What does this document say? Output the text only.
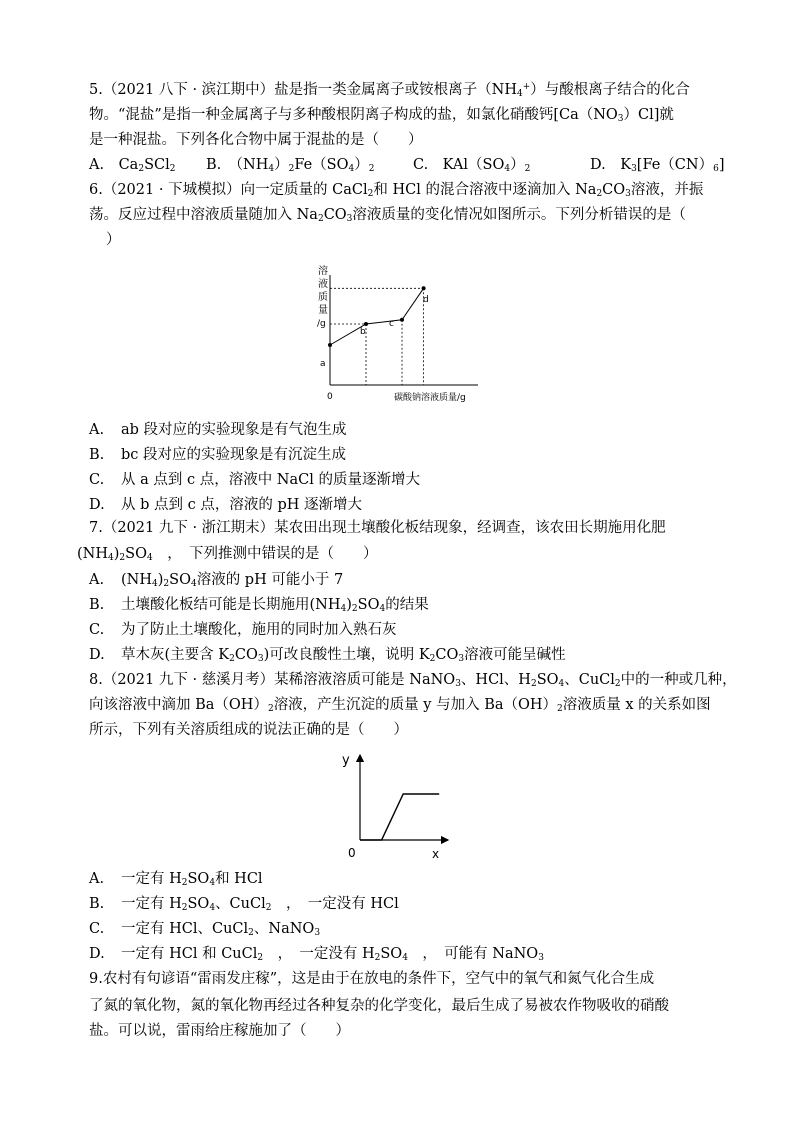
5.（2021 八下 · 滨江期中）盐是指一类金属离子或铵根离子$(NH_4^+)$与酸根离子结合的化合
物。“混盐”是指一种金属离子与多种酸根阴离子构成的盐，如氯化硝酸钙$[Ca(NO_3)Cl]$就
是一种混盐。下列各化合物中属于混盐的是（　　）
A.　$Ca_2SCl_2$ B.　$(NH_4)_2Fe(SO_4)_2$	C.　$KAl(SO_4)_2$	D.　$K_3[Fe(CN)_6]$
6.（2021 · 下城模拟）向一定质量的 CaCl$_2$和 HCl 的混合溶液中逐滴加入 $Na_2CO_3$溶液，并振
荡。反应过程中溶液质量随加入 $Na_2CO_3$溶液质量的变化情况如图所示。下列分析错误的是（
）
溶
液
质
量
/g
0	碳酸钠溶液质量/g
a
b
c
d
A. ab 段对应的实验现象是有气泡生成
B. bc 段对应的实验现象是有沉淀生成
C. 从 a 点到 c 点，溶液中 NaCl 的质量逐渐增大
D. 从 b 点到 c 点，溶液的 pH 逐渐增大
7.（2021 九下 · 浙江期末）某农田出现土壤酸化板结现象，经调查，该农田长期施用化肥
$(NH_4)_2SO_4$　，　下列推测中错误的是（　　）
A. $(NH_4)_2SO_4$溶液的 pH 可能小于 7
B. 土壤酸化板结可能是长期施用$(NH_4)_2SO_4$的结果
C. 为了防止土壤酸化，施用的同时加入熟石灰
D. 草木灰(主要含 $K_2CO_3$)可改良酸性土壤，说明 $K_2CO_3$溶液可能呈碱性
8.（2021 九下 · 慈溪月考）某稀溶液溶质可能是 NaNO$_3$、HCl、$H_2SO_4$、CuCl$_2$中的一种或几种，
向该溶液中滴加 $Ba(OH)_2$溶液，产生沉淀的质量 y 与加入 $Ba(OH)_2$溶液质量 x 的关系如图
所示，下列有关溶质组成的说法正确的是（　　）
y
0	x
A. 一定有 $H_2SO_4$和 HCl
B. 一定有 $H_2SO_4$、CuCl$_2$　，　一定没有 HCl
C. 一定有 HCl、CuCl$_2$、NaNO$_3$
D. 一定有 HCl 和 CuCl$_2$　，　一定没有 $H_2SO_4$　，　可能有 NaNO$_3$
9.农村有句谚语“雷雨发庄稼”，这是由于在放电的条件下，空气中的氧气和氮气化合生成
了氮的氧化物，氮的氧化物再经过各种复杂的化学变化，最后生成了易被农作物吸收的硝酸
盐。可以说，雷雨给庄稼施加了（　　）
